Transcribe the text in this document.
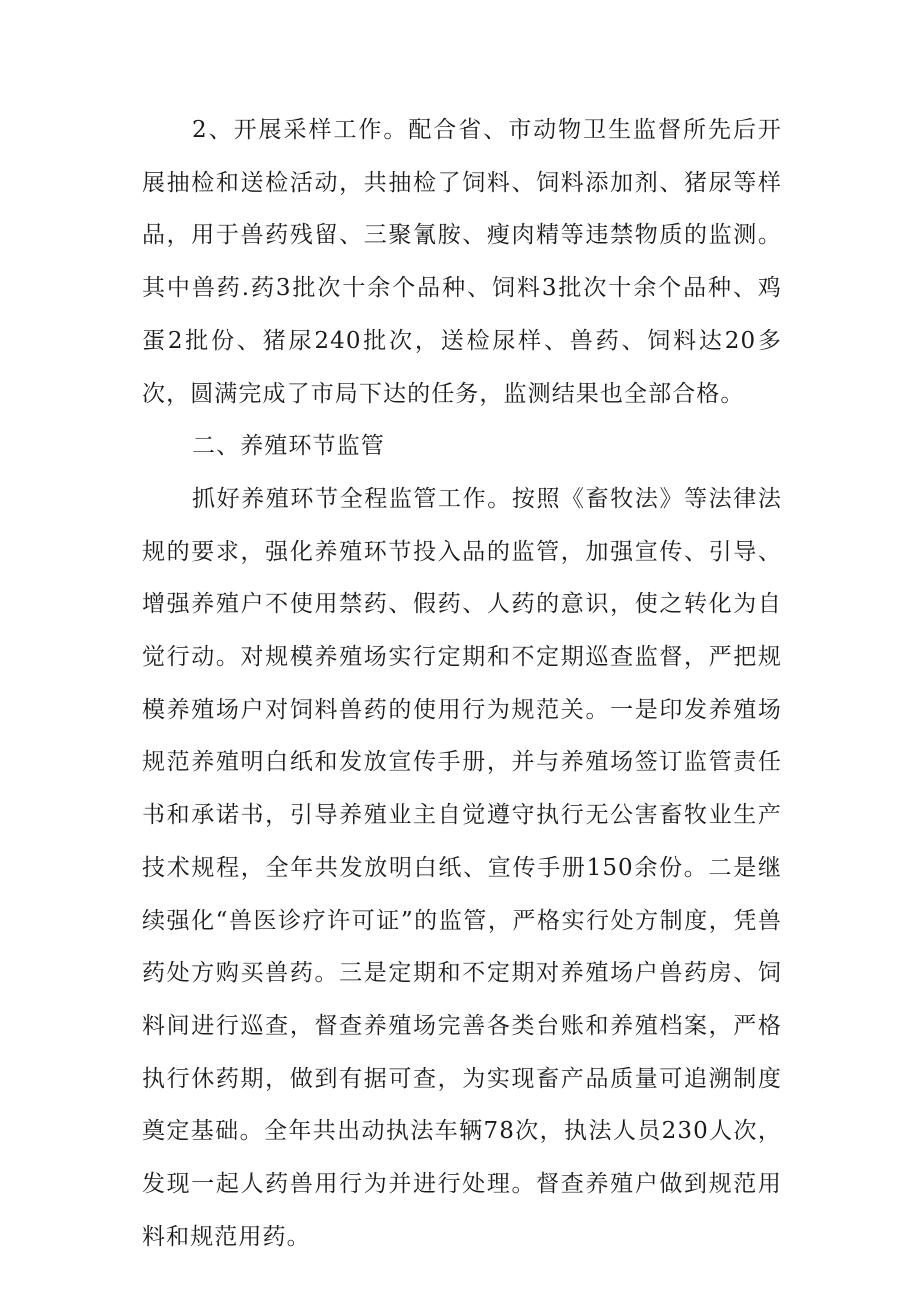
2、开展采样工作。配合省、市动物卫生监督所先后开展抽检和送检活动，共抽检了饲料、饲料添加剂、猪尿等样品，用于兽药残留、三聚氰胺、瘦肉精等违禁物质的监测。其中兽药.药3批次十余个品种、饲料3批次十余个品种、鸡蛋2批份、猪尿240批次，送检尿样、兽药、饲料达20多次，圆满完成了市局下达的任务，监测结果也全部合格。

二、养殖环节监管

抓好养殖环节全程监管工作。按照《畜牧法》等法律法规的要求，强化养殖环节投入品的监管，加强宣传、引导、增强养殖户不使用禁药、假药、人药的意识，使之转化为自觉行动。对规模养殖场实行定期和不定期巡查监督，严把规模养殖场户对饲料兽药的使用行为规范关。一是印发养殖场规范养殖明白纸和发放宣传手册，并与养殖场签订监管责任书和承诺书，引导养殖业主自觉遵守执行无公害畜牧业生产技术规程，全年共发放明白纸、宣传手册150余份。二是继续强化“兽医诊疗许可证”的监管，严格实行处方制度，凭兽药处方购买兽药。三是定期和不定期对养殖场户兽药房、饲料间进行巡查，督查养殖场完善各类台账和养殖档案，严格执行休药期，做到有据可查，为实现畜产品质量可追溯制度奠定基础。全年共出动执法车辆78次，执法人员230人次，发现一起人药兽用行为并进行处理。督查养殖户做到规范用料和规范用药。
